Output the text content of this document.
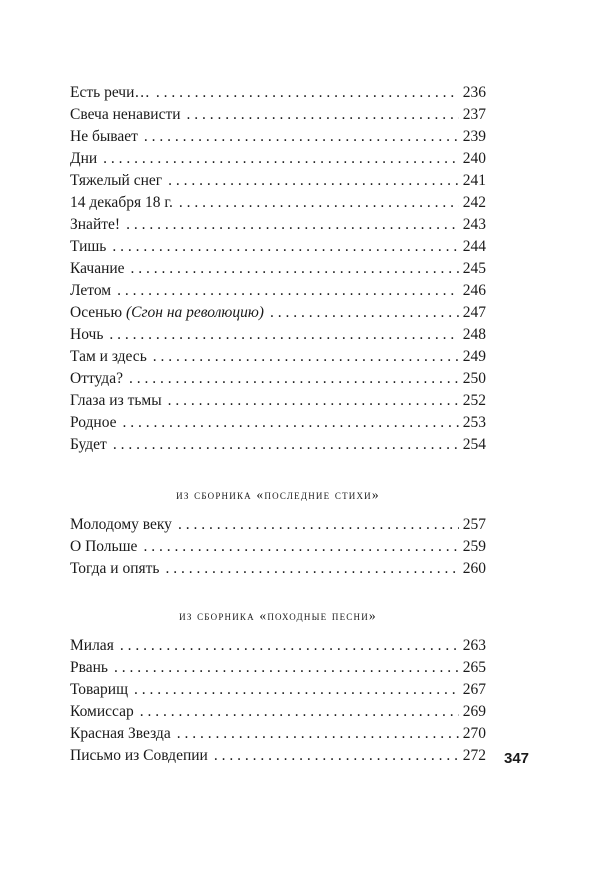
Есть речи… . . .	236
Свеча ненависти . . .	237
Не бывает . . .	239
Дни . . .	240
Тяжелый снег . . .	241
14 декабря 18 г. . . .	242
Знайте! . . .	243
Тишь . . .	244
Качание . . .	245
Летом . . .	246
Осенью (Сгон на революцию) . . .	247
Ночь . . .	248
Там и здесь . . .	249
Оттуда? . . .	250
Глаза из тьмы . . .	252
Родное . . .	253
Будет . . .	254
из сборника «последние стихи»
Молодому веку . . .	257
О Польше . . .	259
Тогда и опять . . .	260
из сборника «походные песни»
Милая . . .	263
Рвань . . .	265
Товарищ . . .	267
Комиссар . . .	269
Красная Звезда . . .	270
Письмо из Совдепии . . .	272 347
